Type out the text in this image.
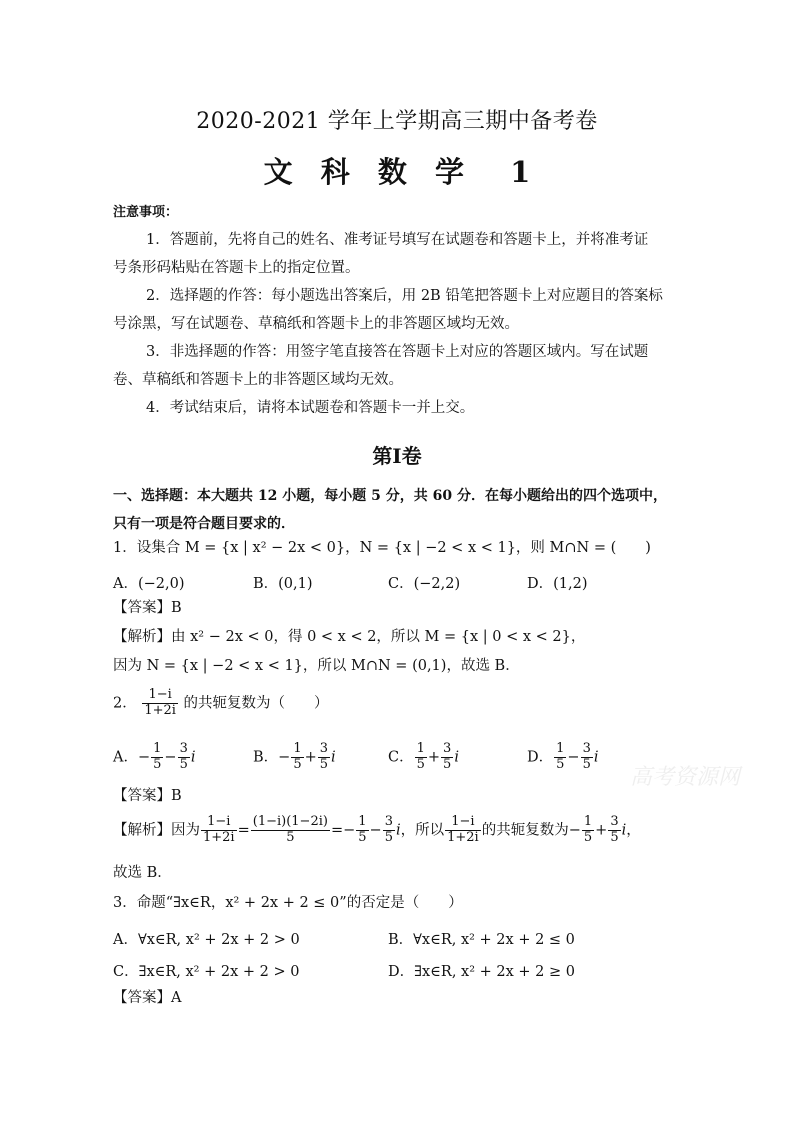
2020-2021 学年上学期高三期中备考卷
文 科 数 学 1
注意事项：
1．答题前，先将自己的姓名、准考证号填写在试题卷和答题卡上，并将准考证
号条形码粘贴在答题卡上的指定位置。
2．选择题的作答：每小题选出答案后，用 2B 铅笔把答题卡上对应题目的答案标
号涂黑，写在试题卷、草稿纸和答题卡上的非答题区域均无效。
3．非选择题的作答：用签字笔直接答在答题卡上对应的答题区域内。写在试题
卷、草稿纸和答题卡上的非答题区域均无效。
4．考试结束后，请将本试题卷和答题卡一并上交。
第Ⅰ卷
一、选择题：本大题共 12 小题，每小题 5 分，共 60 分．在每小题给出的四个选项中，
只有一项是符合题目要求的．
1．设集合 M = {x | x² − 2x < 0}，N = {x | −2 < x < 1}，则 M∩N = (　　)
A．(−2,0)	B．(0,1)	C．(−2,2)	D．(1,2)
【答案】B
【解析】由 x² − 2x < 0，得 0 < x < 2，所以 M = {x | 0 < x < 2}，
因为 N = {x | −2 < x < 1}，所以 M∩N = (0,1)，故选 B．
2． $\frac{1-i}{1+2i}$ 的共轭复数为（　　）
A．− $\frac{1}{5} - \frac{3}{5}$ i	B．− $\frac{1}{5} + \frac{3}{5}$ i	C． $\frac{1}{5} + \frac{3}{5}$ i	D． $\frac{1}{5} - \frac{3}{5}$ i
【答案】B
【解析】因为 $\frac{1-i}{1+2i} = \frac{(1-i)(1-2i)}{5} =- \frac{1}{5} - \frac{3}{5}$ i，所以 $\frac{1-i}{1+2i}$ 的共轭复数为− $\frac{1}{5} + \frac{3}{5}$ i，
故选 B．
3．命题“∃x∈R，x² + 2x + 2 ≤ 0”的否定是（　　）
A．∀x∈R, x² + 2x + 2 > 0	B．∀x∈R, x² + 2x + 2 ≤ 0
C．∃x∈R, x² + 2x + 2 > 0	D．∃x∈R, x² + 2x + 2 ≥ 0
【答案】A
高考资源网
